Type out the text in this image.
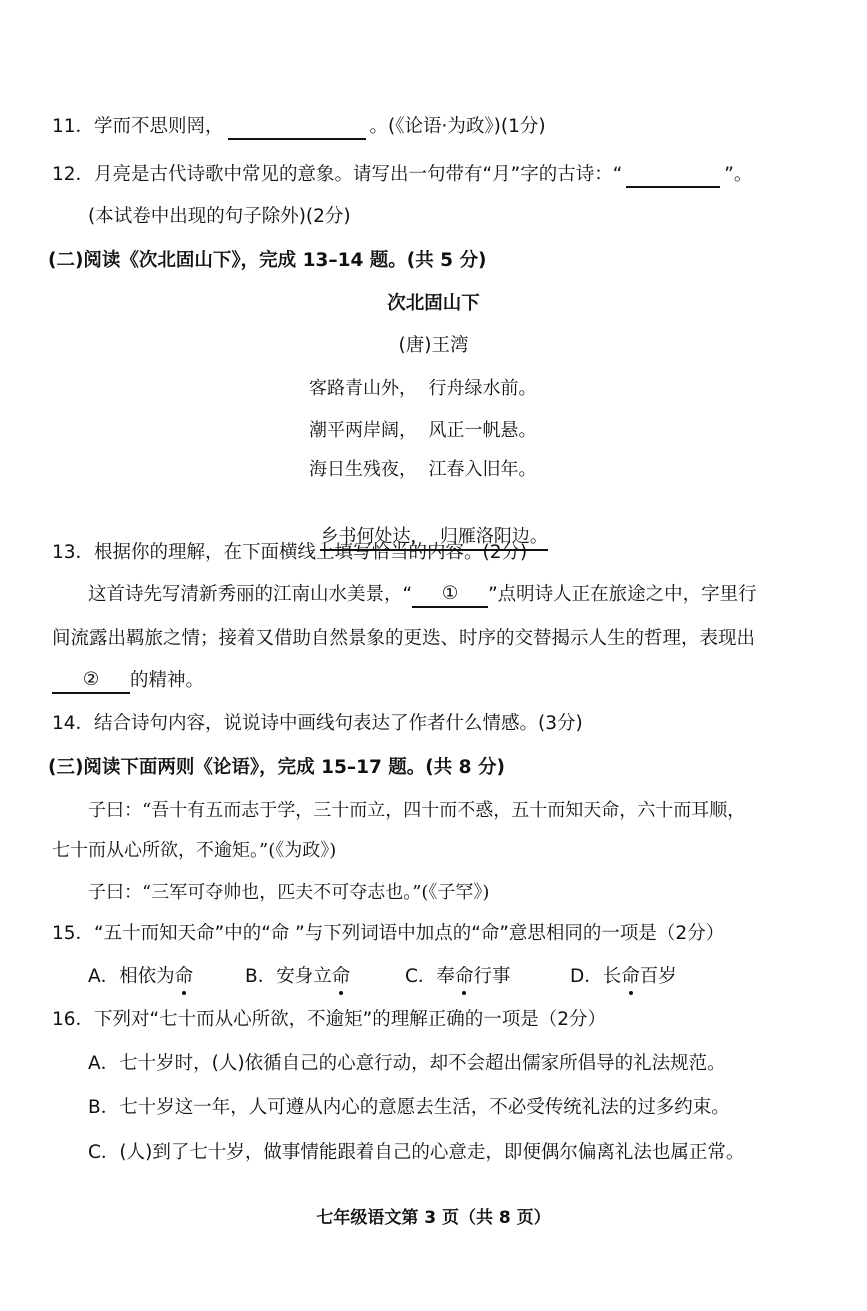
11．学而不思则罔，	。(《论语·为政》)(1分)
12．月亮是古代诗歌中常见的意象。请写出一句带有“月”字的古诗：“	”。
(本试卷中出现的句子除外)(2分)
(二)阅读《次北固山下》，完成 13–14 题。(共 5 分)
次北固山下
(唐)王湾
客路青山外，  行舟绿水前。
潮平两岸阔，  风正一帆悬。
海日生残夜，  江春入旧年。

乡书何处达，  归雁洛阳边。

13．根据你的理解，在下面横线上填写恰当的内容。(2分)
这首诗先写清新秀丽的江南山水美景，“ ① ”点明诗人正在旅途之中，字里行
间流露出羁旅之情；接着又借助自然景象的更迭、时序的交替揭示人生的哲理，表现出
② 的精神。
14．结合诗句内容，说说诗中画线句表达了作者什么情感。(3分)
(三)阅读下面两则《论语》，完成 15–17 题。(共 8 分)
子曰：“吾十有五而志于学，三十而立，四十而不惑，五十而知天命，六十而耳顺，
七十而从心所欲，不逾矩。”(《为政》)
子曰：“三军可夺帅也，匹夫不可夺志也。”(《子罕》)
15．“五十而知天命”中的“命 ”与下列词语中加点的“命”意思相同的一项是（2分）
A．相依为命	B．安身立命	C．奉命行事	D．长命百岁
16．下列对“七十而从心所欲，不逾矩”的理解正确的一项是（2分）
A．七十岁时，(人)依循自己的心意行动，却不会超出儒家所倡导的礼法规范。
B．七十岁这一年，人可遵从内心的意愿去生活，不必受传统礼法的过多约束。
C．(人)到了七十岁，做事情能跟着自己的心意走，即便偶尔偏离礼法也属正常。
七年级语文第 3 页（共 8 页）
